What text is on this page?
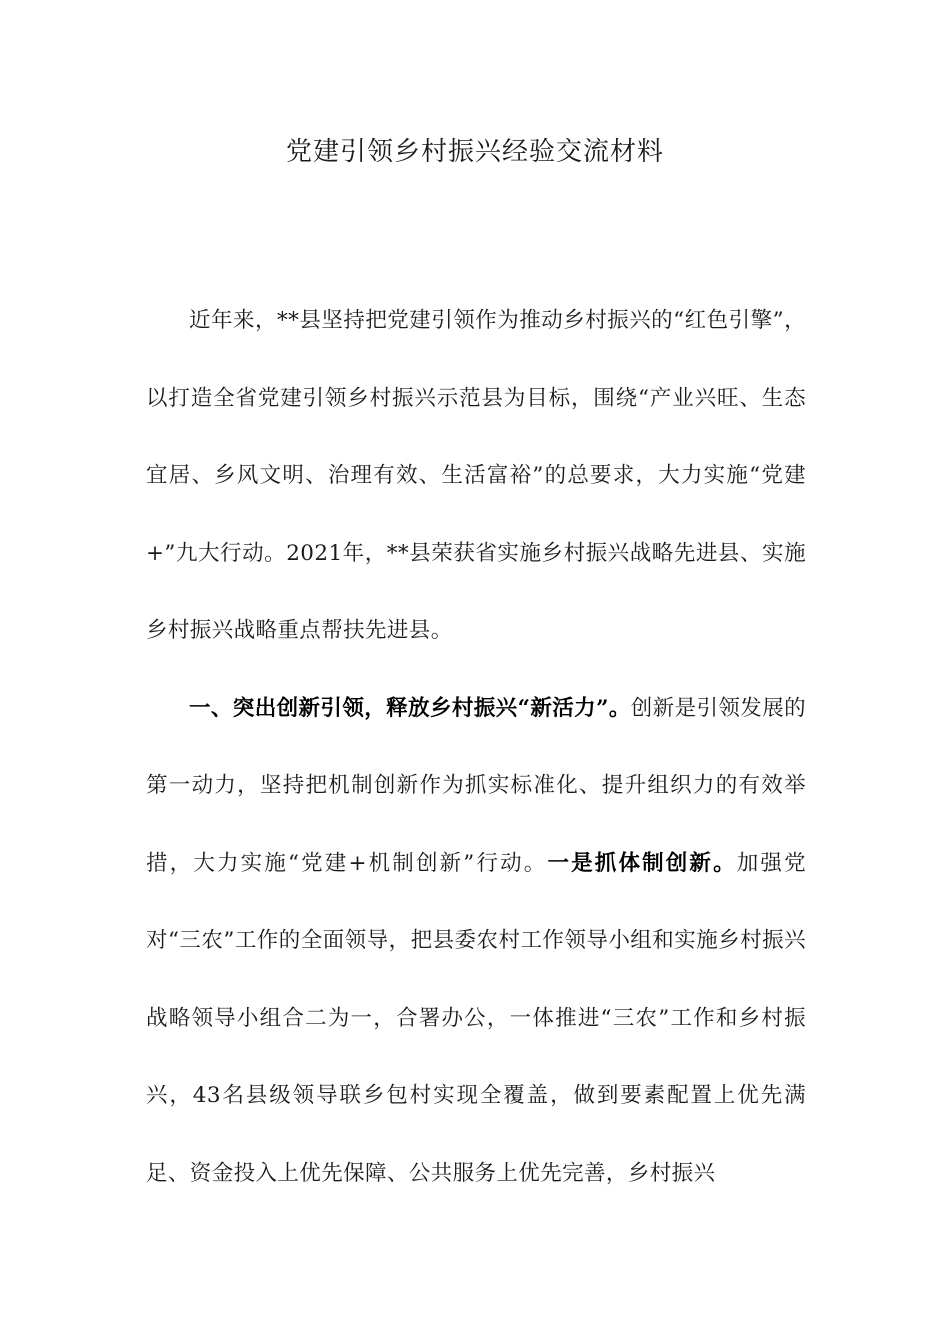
党建引领乡村振兴经验交流材料

近年来，**县坚持把党建引领作为推动乡村振兴的“红色引擎”，以打造全省党建引领乡村振兴示范县为目标，围绕“产业兴旺、生态宜居、乡风文明、治理有效、生活富裕”的总要求，大力实施“党建+”九大行动。2021年，**县荣获省实施乡村振兴战略先进县、实施乡村振兴战略重点帮扶先进县。

一、突出创新引领，释放乡村振兴“新活力”。创新是引领发展的第一动力，坚持把机制创新作为抓实标准化、提升组织力的有效举措，大力实施“党建+机制创新”行动。一是抓体制创新。加强党对“三农”工作的全面领导，把县委农村工作领导小组和实施乡村振兴战略领导小组合二为一，合署办公，一体推进“三农”工作和乡村振兴，43名县级领导联乡包村实现全覆盖，做到要素配置上优先满足、资金投入上优先保障、公共服务上优先完善，乡村振兴
